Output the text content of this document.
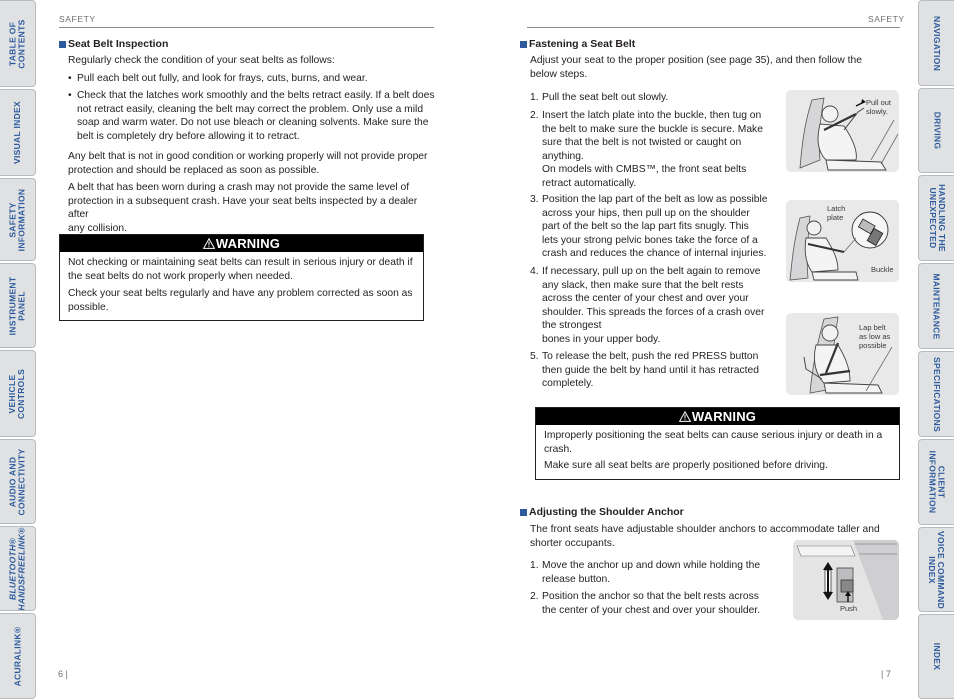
TABLE OF
CONTENTS
VISUAL INDEX
SAFETY
INFORMATION
INSTRUMENT
PANEL
VEHICLE
CONTROLS
AUDIO AND
CONNECTIVITY
BLUETOOTH®
HANDSFREELINK®
ACURALINK®
NAVIGATION
DRIVING
HANDLING THE
UNEXPECTED
MAINTENANCE
SPECIFICATIONS
CLIENT
INFORMATION
VOICE COMMAND
INDEX
INDEX
SAFETY
Seat Belt Inspection
Regularly check the condition of your seat belts as follows:
• Pull each belt out fully, and look for frays, cuts, burns, and wear.
• Check that the latches work smoothly and the belts retract easily. If a belt does
not retract easily, cleaning the belt may correct the problem. Only use a mild
soap and warm water. Do not use bleach or cleaning solvents. Make sure the
belt is completely dry before allowing it to retract.
Any belt that is not in good condition or working properly will not provide proper
protection and should be replaced as soon as possible.
A belt that has been worn during a crash may not provide the same level of
protection in a subsequent crash. Have your seat belts inspected by a dealer after
any collision.
WARNING

Not checking or maintaining seat belts can result in serious injury or death if
the seat belts do not work properly when needed.

Check your seat belts regularly and have any problem corrected as soon as
possible.

6 |
SAFETY
Fastening a Seat Belt
Adjust your seat to the proper position (see page 35), and then follow the
below steps.
1. Pull the seat belt out slowly.
2. Insert the latch plate into the buckle, then tug on
the belt to make sure the buckle is secure. Make
sure that the belt is not twisted or caught on
anything.
On models with CMBS™, the front seat belts
retract automatically.
3. Position the lap part of the belt as low as possible
across your hips, then pull up on the shoulder
part of the belt so the lap part fits snugly. This
lets your strong pelvic bones take the force of a
crash and reduces the chance of internal injuries.
4. If necessary, pull up on the belt again to remove
any slack, then make sure that the belt rests
across the center of your chest and over your
shoulder. This spreads the forces of a crash over
the strongest
bones in your upper body.
5. To release the belt, push the red PRESS button
then guide the belt by hand until it has retracted
completely.
Pull out
slowly.
Latch
plate
Buckle
Lap belt
as low as
possible
WARNING

Improperly positioning the seat belts can cause serious injury or death in a
crash.

Make sure all seat belts are properly positioned before driving.

Adjusting the Shoulder Anchor
The front seats have adjustable shoulder anchors to accommodate taller and
shorter occupants.
1. Move the anchor up and down while holding the
release button.
2. Position the anchor so that the belt rests across
the center of your chest and over your shoulder.	Push
| 7
